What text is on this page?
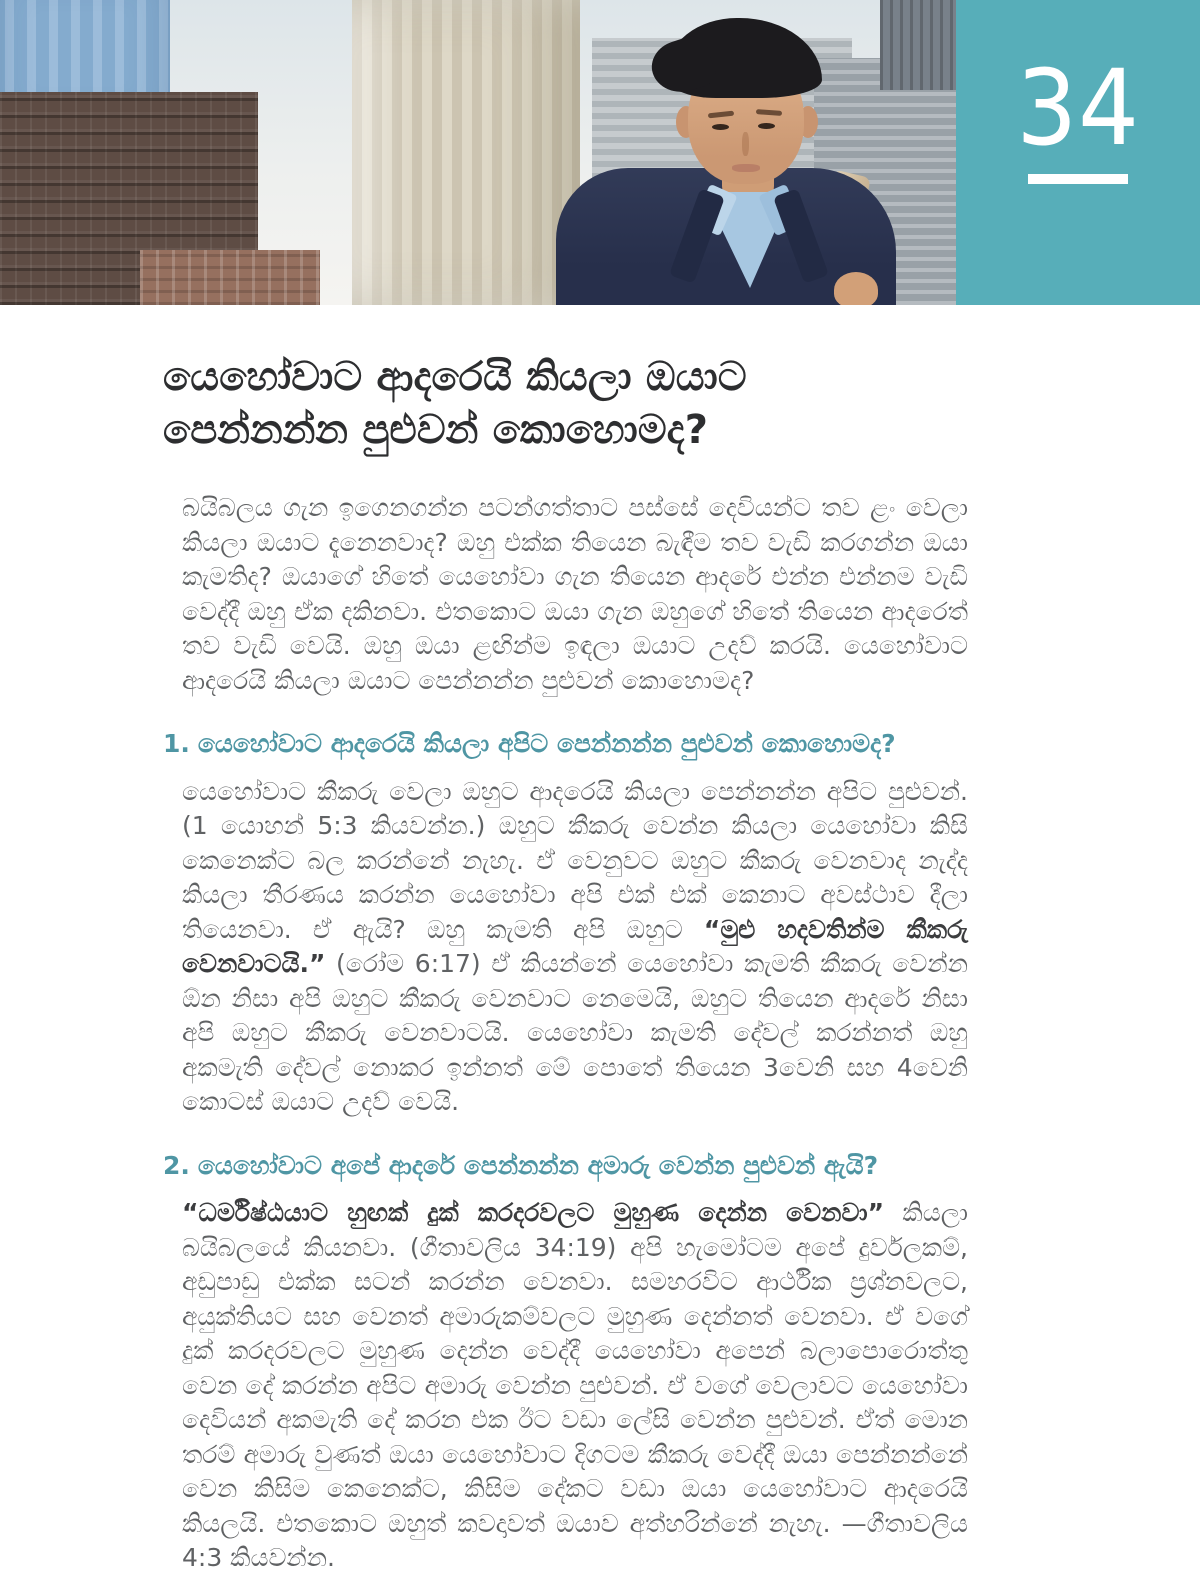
34
යෙහෝවාට ආදරෙයි කියලා ඔයාට පෙන්නන්න පුළුවන් කොහොමද?

බයිබලය ගැන ඉගෙනගන්න පටන්ගත්තාට පස්සේ දෙවියන්ට තව ළං වෙලා කියලා ඔයාට දැනෙනවාද? ඔහු එක්ක තියෙන බැඳීම තව වැඩි කරගන්න ඔයා කැමතිද? ඔයාගේ හිතේ යෙහෝවා ගැන තියෙන ආදරේ එන්න එන්නම වැඩි වෙද්දී ඔහු ඒක දකිනවා. එතකොට ඔයා ගැන ඔහුගේ හිතේ තියෙන ආදරෙත් තව වැඩි වෙයි. ඔහු ඔයා ළඟින්ම ඉඳලා ඔයාට උදව් කරයි. යෙහෝවාට ආදරෙයි කියලා ඔයාට පෙන්නන්න පුළුවන් කොහොමද?

1. යෙහෝවාට ආදරෙයි කියලා අපිට පෙන්නන්න පුළුවන් කොහොමද?

යෙහෝවාට කීකරු වෙලා ඔහුට ආදරෙයි කියලා පෙන්නන්න අපිට පුළුවන්. (1 යොහන් 5:3 කියවන්න.) ඔහුට කීකරු වෙන්න කියලා යෙහෝවා කිසි කෙනෙක්ට බල කරන්නේ නැහැ. ඒ වෙනුවට ඔහුට කීකරු වෙනවාද නැද්ද කියලා තීරණය කරන්න යෙහෝවා අපි එක් එක් කෙනාට අවස්ථාව දීලා තියෙනවා. ඒ ඇයි? ඔහු කැමති අපි ඔහුට “මුළු හදවතින්ම කීකරු වෙනවාටයි.” (රෝම 6:17) ඒ කියන්නේ යෙහෝවා කැමති කීකරු වෙන්න ඕන නිසා අපි ඔහුට කීකරු වෙනවාට නෙමෙයි, ඔහුට තියෙන ආදරේ නිසා අපි ඔහුට කීකරු වෙනවාටයි. යෙහෝවා කැමති දේවල් කරන්නත් ඔහු අකමැති දේවල් නොකර ඉන්නත් මේ පොතේ තියෙන 3වෙනි සහ 4වෙනි කොටස් ඔයාට උදව් වෙයි.

2. යෙහෝවාට අපේ ආදරේ පෙන්නන්න අමාරු වෙන්න පුළුවන් ඇයි?

“ධර්මිෂ්ඨයාට හුඟක් දුක් කරදරවලට මුහුණ දෙන්න වෙනවා” කියලා බයිබලයේ කියනවා. (ගීතාවලිය 34:19) අපි හැමෝටම අපේ දුර්වලකම්, අඩුපාඩු එක්ක සටන් කරන්න වෙනවා. සමහරවිට ආර්ථික ප්‍රශ්නවලට, අයුක්තියට සහ වෙනත් අමාරුකම්වලට මුහුණ දෙන්නත් වෙනවා. ඒ වගේ දුක් කරදරවලට මුහුණ දෙන්න වෙද්දී යෙහෝවා අපෙන් බලාපොරොත්තු වෙන දේ කරන්න අපිට අමාරු වෙන්න පුළුවන්. ඒ වගේ වෙලාවට යෙහෝවා දෙවියන් අකමැති දේ කරන එක ඊට වඩා ලේසි වෙන්න පුළුවන්. ඒත් මොන තරම් අමාරු වුණත් ඔයා යෙහෝවාට දිගටම කීකරු වෙද්දී ඔයා පෙන්නන්නේ වෙන කිසිම කෙනෙක්ට, කිසිම දේකට වඩා ඔයා යෙහෝවාට ආදරෙයි කියලයි. එතකොට ඔහුත් කවදාවත් ඔයාව අත්හරින්නේ නැහැ. —ගීතාවලිය 4:3 කියවන්න.
